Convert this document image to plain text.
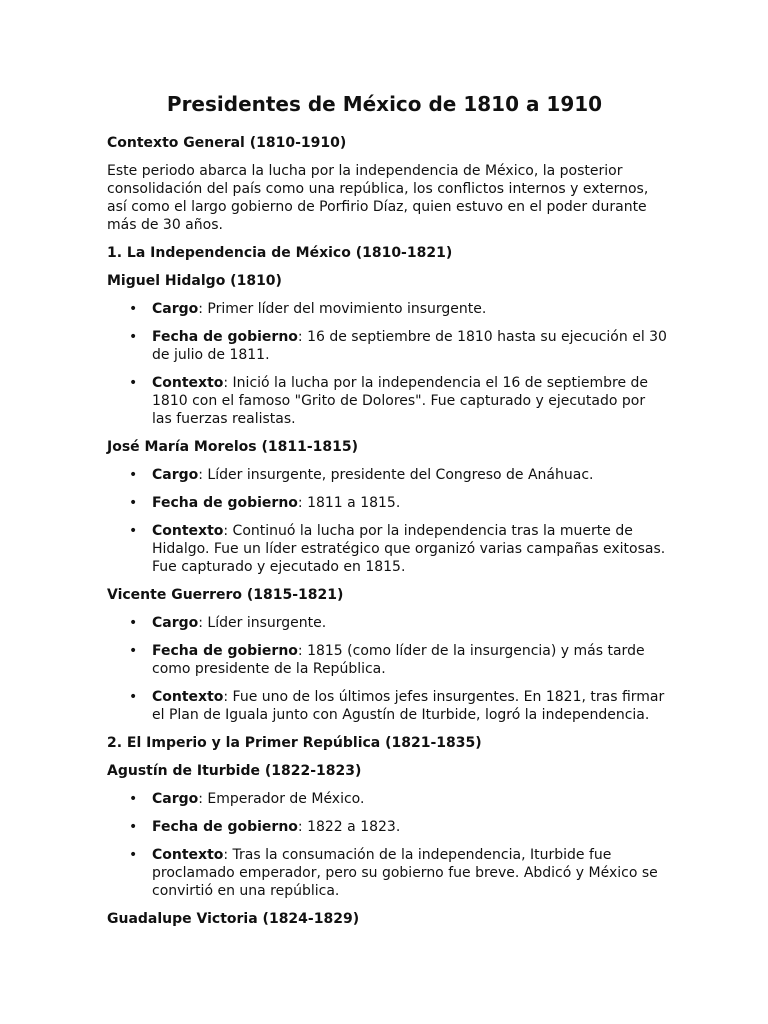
Presidentes de México de 1810 a 1910
Contexto General (1810-1910)
Este periodo abarca la lucha por la independencia de México, la posterior consolidación del país como una república, los conflictos internos y externos, así como el largo gobierno de Porfirio Díaz, quien estuvo en el poder durante más de 30 años.
1. La Independencia de México (1810-1821)
Miguel Hidalgo (1810)
• Cargo: Primer líder del movimiento insurgente.
• Fecha de gobierno: 16 de septiembre de 1810 hasta su ejecución el 30 de julio de 1811.
• Contexto: Inició la lucha por la independencia el 16 de septiembre de 1810 con el famoso "Grito de Dolores". Fue capturado y ejecutado por las fuerzas realistas.
José María Morelos (1811-1815)
• Cargo: Líder insurgente, presidente del Congreso de Anáhuac.
• Fecha de gobierno: 1811 a 1815.
• Contexto: Continuó la lucha por la independencia tras la muerte de Hidalgo. Fue un líder estratégico que organizó varias campañas exitosas. Fue capturado y ejecutado en 1815.
Vicente Guerrero (1815-1821)
• Cargo: Líder insurgente.
• Fecha de gobierno: 1815 (como líder de la insurgencia) y más tarde como presidente de la República.
• Contexto: Fue uno de los últimos jefes insurgentes. En 1821, tras firmar el Plan de Iguala junto con Agustín de Iturbide, logró la independencia.
2. El Imperio y la Primer República (1821-1835)
Agustín de Iturbide (1822-1823)
• Cargo: Emperador de México.
• Fecha de gobierno: 1822 a 1823.
• Contexto: Tras la consumación de la independencia, Iturbide fue proclamado emperador, pero su gobierno fue breve. Abdicó y México se convirtió en una república.
Guadalupe Victoria (1824-1829)
